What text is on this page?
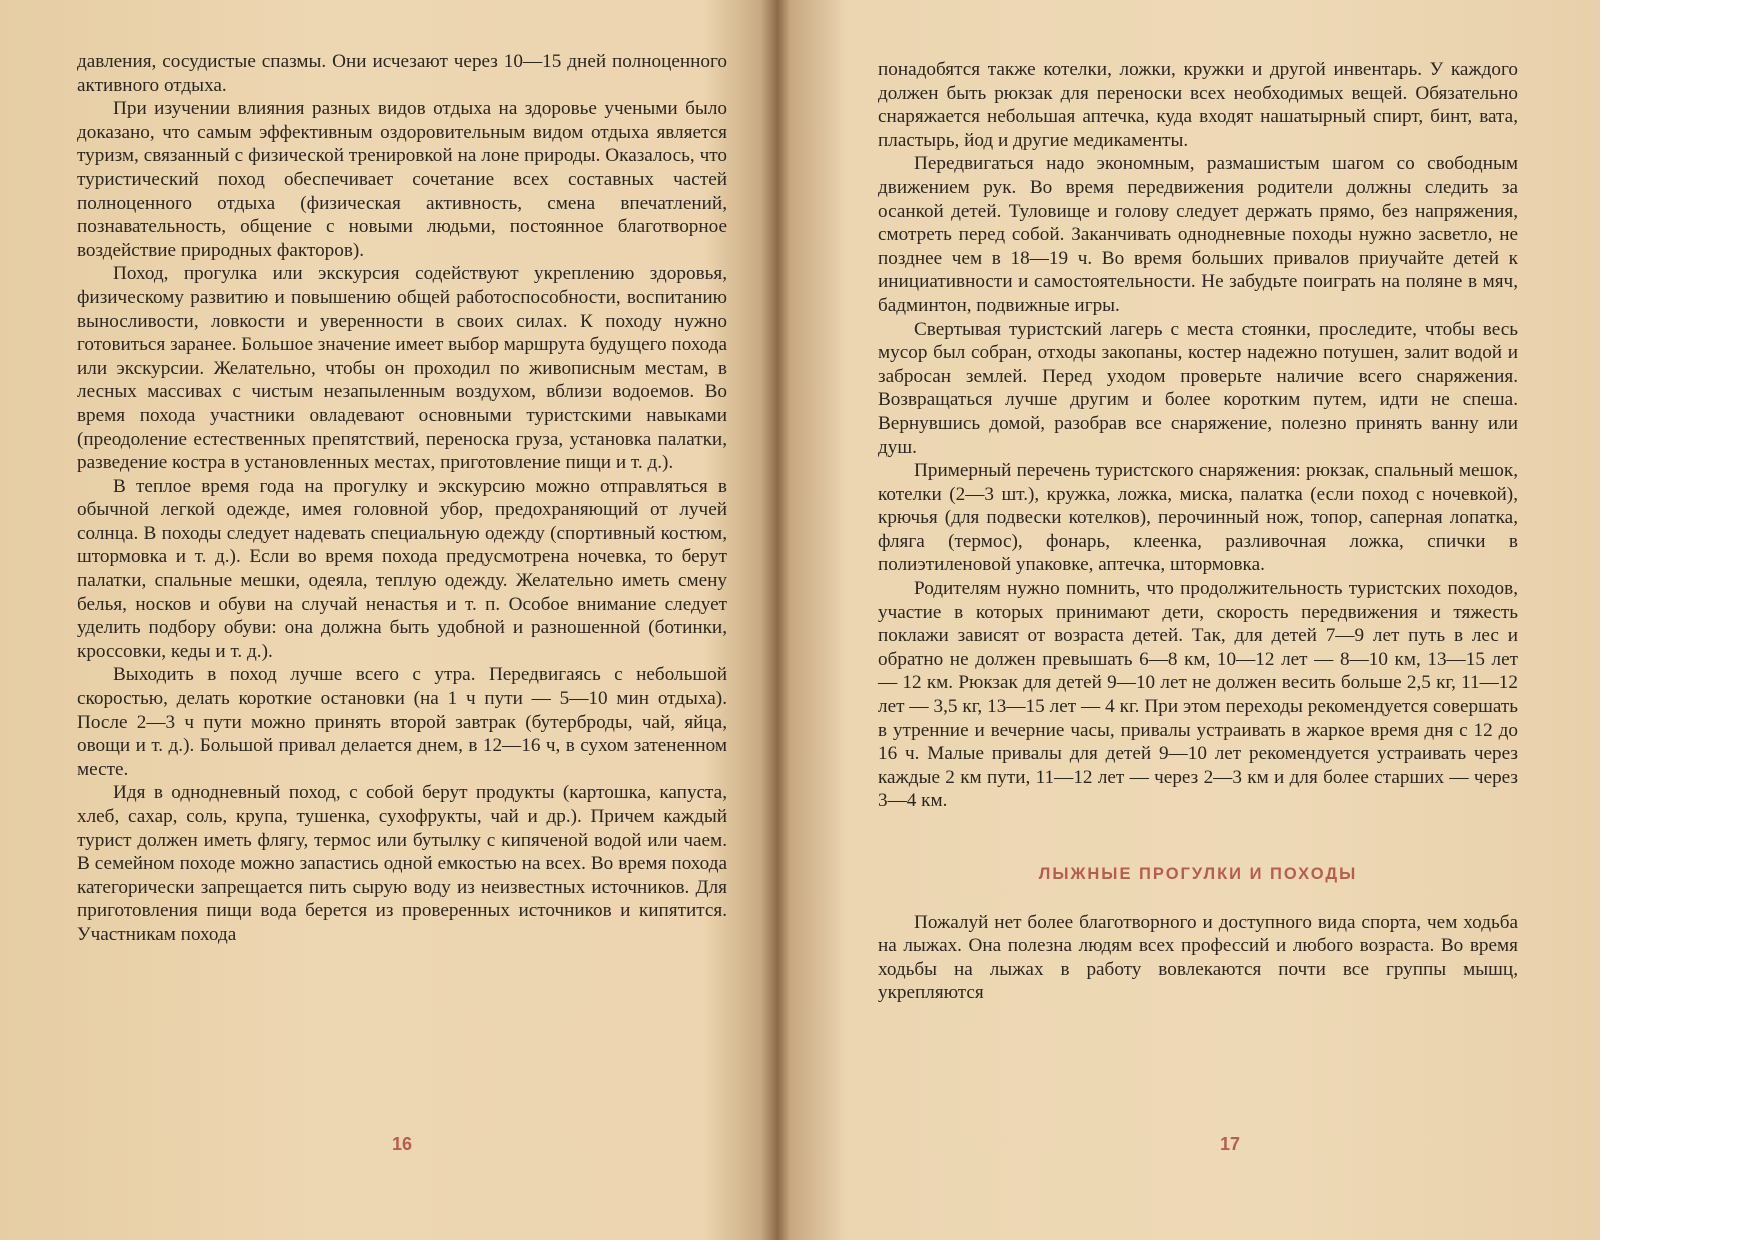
давления, сосудистые спазмы. Они исчезают через 10—15 дней полноценного активного отдыха.

При изучении влияния разных видов отдыха на здоровье учеными было доказано, что самым эффективным оздоровительным видом отдыха является туризм, связанный с физической тренировкой на лоне природы. Оказалось, что туристический поход обеспечивает сочетание всех составных частей полноценного отдыха (физическая активность, смена впечатлений, познавательность, общение с новыми людьми, постоянное благотворное воздействие природных факторов).

Поход, прогулка или экскурсия содействуют укреплению здоровья, физическому развитию и повышению общей работоспособности, воспитанию выносливости, ловкости и уверенности в своих силах. К походу нужно готовиться заранее. Большое значение имеет выбор маршрута будущего похода или экскурсии. Желательно, чтобы он проходил по живописным местам, в лесных массивах с чистым незапыленным воздухом, вблизи водоемов. Во время похода участники овладевают основными туристскими навыками (преодоление естественных препятствий, переноска груза, установка палатки, разведение костра в установленных местах, приготовление пищи и т. д.).

В теплое время года на прогулку и экскурсию можно отправляться в обычной легкой одежде, имея головной убор, предохраняющий от лучей солнца. В походы следует надевать специальную одежду (спортивный костюм, штормовка и т. д.). Если во время похода предусмотрена ночевка, то берут палатки, спальные мешки, одеяла, теплую одежду. Желательно иметь смену белья, носков и обуви на случай ненастья и т. п. Особое внимание следует уделить подбору обуви: она должна быть удобной и разношенной (ботинки, кроссовки, кеды и т. д.).

Выходить в поход лучше всего с утра. Передвигаясь с небольшой скоростью, делать короткие остановки (на 1 ч пути — 5—10 мин отдыха). После 2—3 ч пути можно принять второй завтрак (бутерброды, чай, яйца, овощи и т. д.). Большой привал делается днем, в 12—16 ч, в сухом затененном месте.

Идя в однодневный поход, с собой берут продукты (картошка, капуста, хлеб, сахар, соль, крупа, тушенка, сухофрукты, чай и др.). Причем каждый турист должен иметь флягу, термос или бутылку с кипяченой водой или чаем. В семейном походе можно запастись одной емкостью на всех. Во время похода категорически запрещается пить сырую воду из неизвестных источников. Для приготовления пищи вода берется из проверенных источников и кипятится. Участникам похода

16

понадобятся также котелки, ложки, кружки и другой инвентарь. У каждого должен быть рюкзак для переноски всех необходимых вещей. Обязательно снаряжается небольшая аптечка, куда входят нашатырный спирт, бинт, вата, пластырь, йод и другие медикаменты.

Передвигаться надо экономным, размашистым шагом со свободным движением рук. Во время передвижения родители должны следить за осанкой детей. Туловище и голову следует держать прямо, без напряжения, смотреть перед собой. Заканчивать однодневные походы нужно засветло, не позднее чем в 18—19 ч. Во время больших привалов приучайте детей к инициативности и самостоятельности. Не забудьте поиграть на поляне в мяч, бадминтон, подвижные игры.

Свертывая туристский лагерь с места стоянки, проследите, чтобы весь мусор был собран, отходы закопаны, костер надежно потушен, залит водой и забросан землей. Перед уходом проверьте наличие всего снаряжения. Возвращаться лучше другим и более коротким путем, идти не спеша. Вернувшись домой, разобрав все снаряжение, полезно принять ванну или душ.

Примерный перечень туристского снаряжения: рюкзак, спальный мешок, котелки (2—3 шт.), кружка, ложка, миска, палатка (если поход с ночевкой), крючья (для подвески котелков), перочинный нож, топор, саперная лопатка, фляга (термос), фонарь, клеенка, разливочная ложка, спички в полиэтиленовой упаковке, аптечка, штормовка.

Родителям нужно помнить, что продолжительность туристских походов, участие в которых принимают дети, скорость передвижения и тяжесть поклажи зависят от возраста детей. Так, для детей 7—9 лет путь в лес и обратно не должен превышать 6—8 км, 10—12 лет — 8—10 км, 13—15 лет — 12 км. Рюкзак для детей 9—10 лет не должен весить больше 2,5 кг, 11—12 лет — 3,5 кг, 13—15 лет — 4 кг. При этом переходы рекомендуется совершать в утренние и вечерние часы, привалы устраивать в жаркое время дня с 12 до 16 ч. Малые привалы для детей 9—10 лет рекомендуется устраивать через каждые 2 км пути, 11—12 лет — через 2—3 км и для более старших — через 3—4 км.

ЛЫЖНЫЕ ПРОГУЛКИ И ПОХОДЫ

Пожалуй нет более благотворного и доступного вида спорта, чем ходьба на лыжах. Она полезна людям всех профессий и любого возраста. Во время ходьбы на лыжах в работу вовлекаются почти все группы мышц, укрепляются

17
